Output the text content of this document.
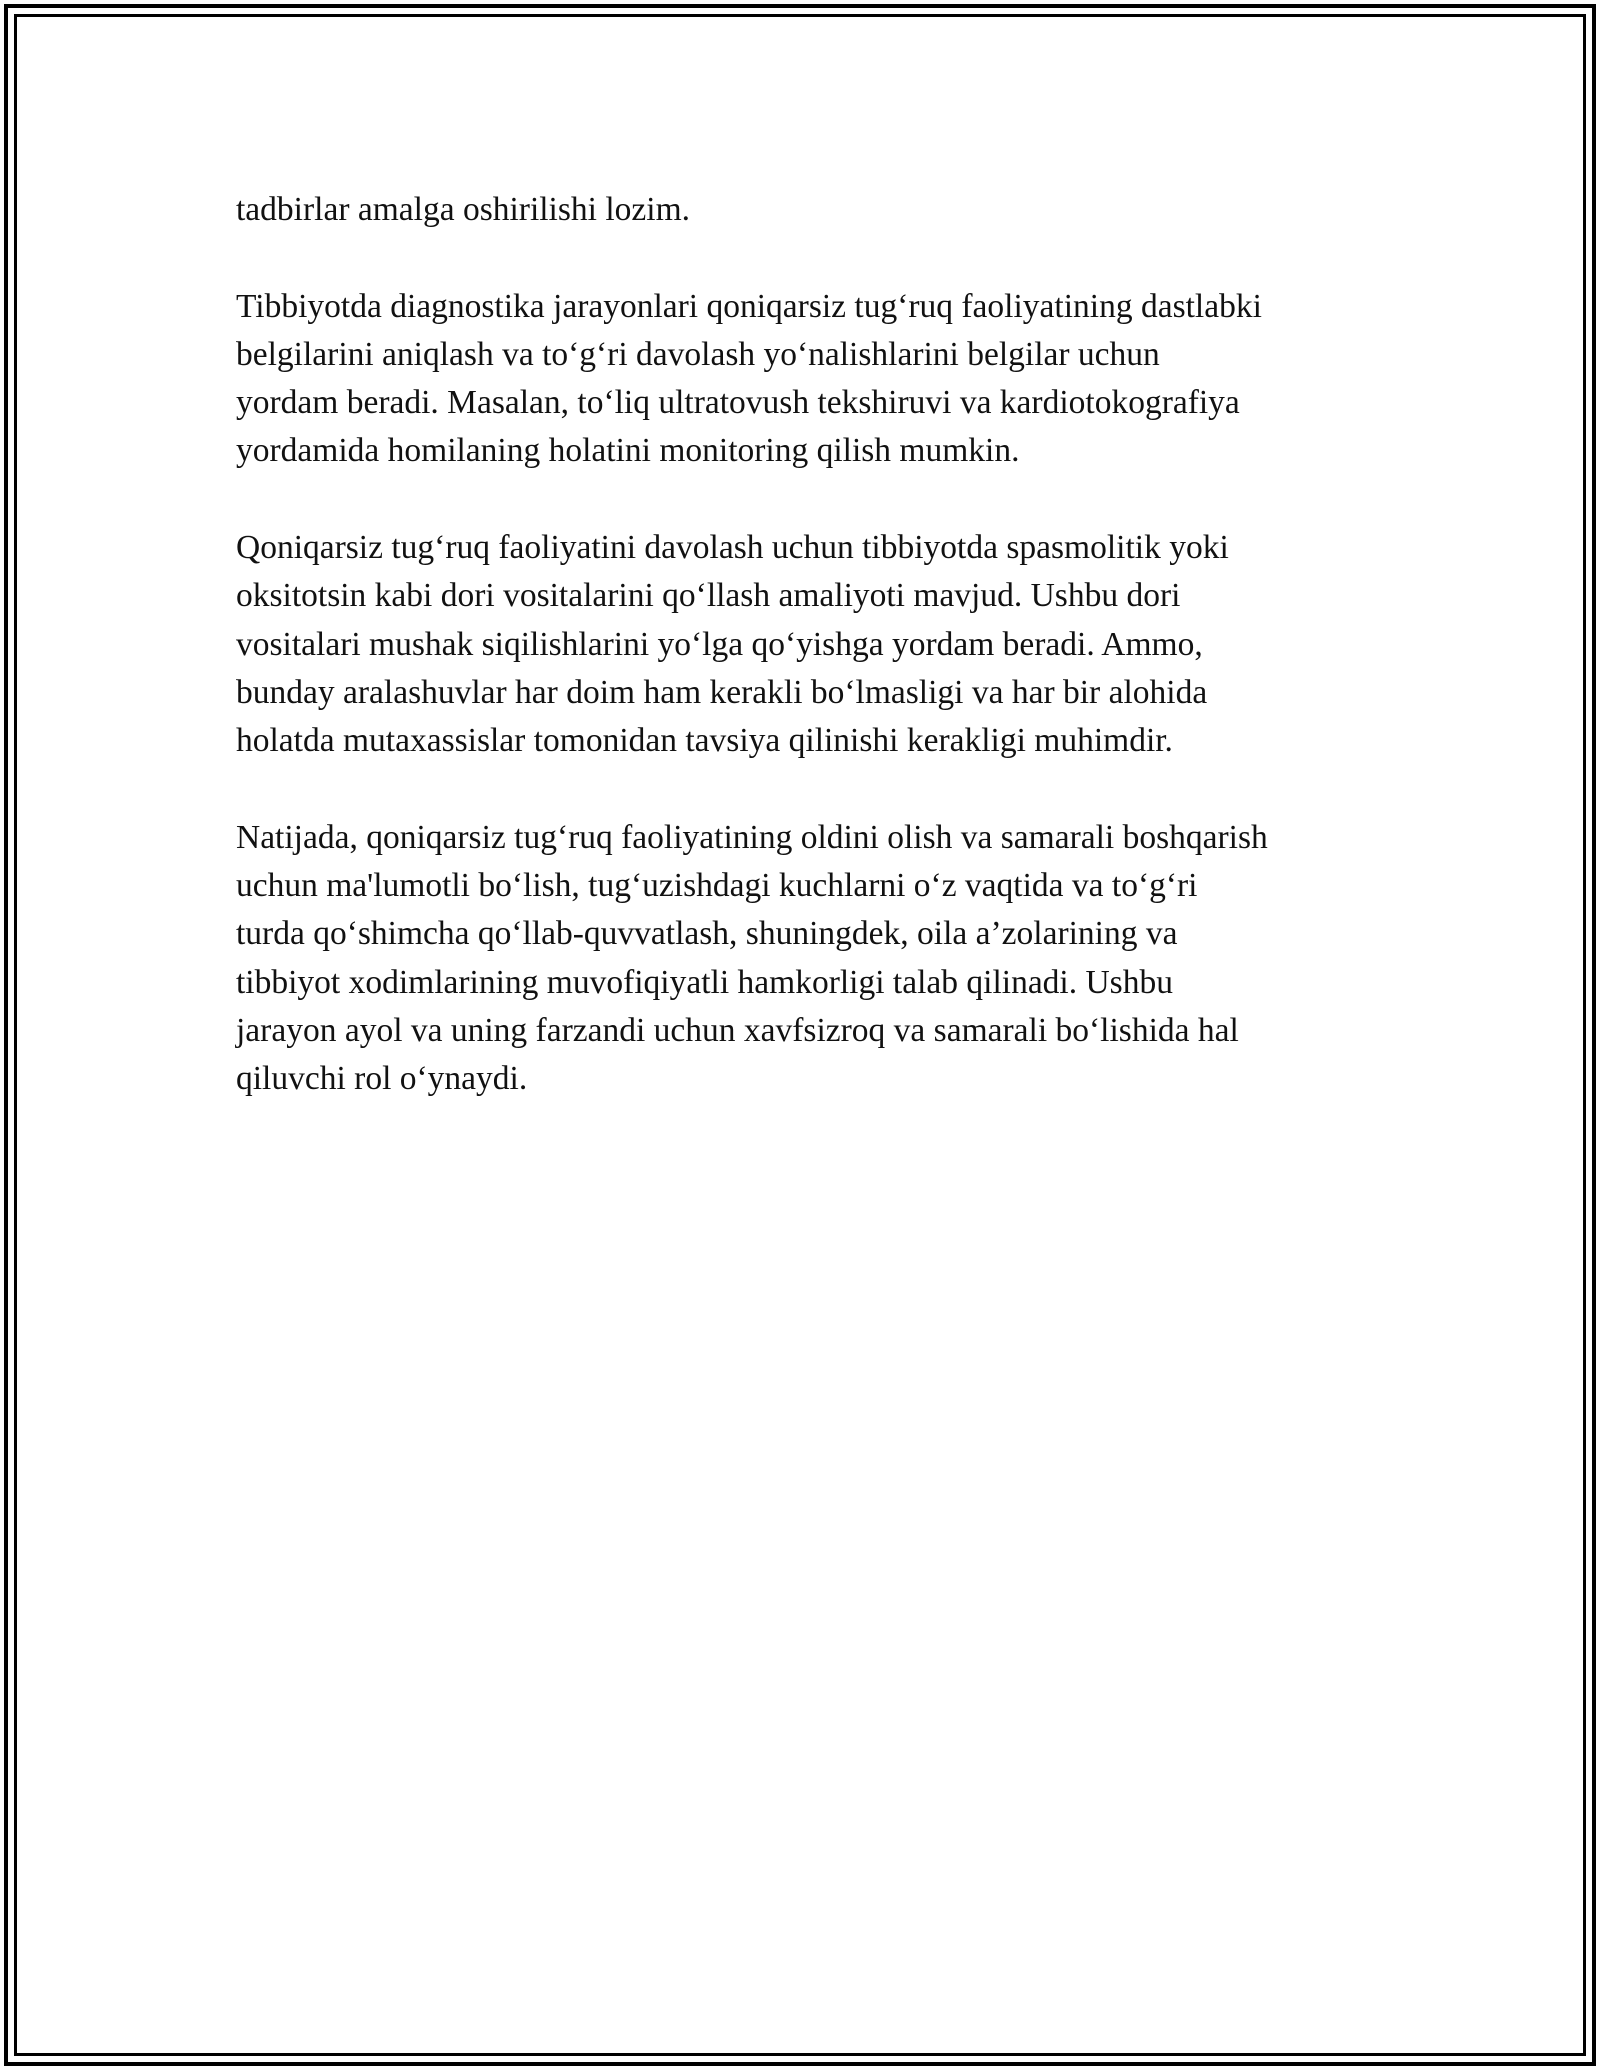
tadbirlar amalga oshirilishi lozim.

Tibbiyotda diagnostika jarayonlari qoniqarsiz tug‘ruq faoliyatining dastlabki
belgilarini aniqlash va to‘g‘ri davolash yo‘nalishlarini belgilar uchun
yordam beradi. Masalan, to‘liq ultratovush tekshiruvi va kardiotokografiya
yordamida homilaning holatini monitoring qilish mumkin.

Qoniqarsiz tug‘ruq faoliyatini davolash uchun tibbiyotda spasmolitik yoki
oksitotsin kabi dori vositalarini qo‘llash amaliyoti mavjud. Ushbu dori
vositalari mushak siqilishlarini yo‘lga qo‘yishga yordam beradi. Ammo,
bunday aralashuvlar har doim ham kerakli bo‘lmasligi va har bir alohida
holatda mutaxassislar tomonidan tavsiya qilinishi kerakligi muhimdir.

Natijada, qoniqarsiz tug‘ruq faoliyatining oldini olish va samarali boshqarish
uchun ma'lumotli bo‘lish, tug‘uzishdagi kuchlarni o‘z vaqtida va to‘g‘ri
turda qo‘shimcha qo‘llab-quvvatlash, shuningdek, oila a’zolarining va
tibbiyot xodimlarining muvofiqiyatli hamkorligi talab qilinadi. Ushbu
jarayon ayol va uning farzandi uchun xavfsizroq va samarali bo‘lishida hal
qiluvchi rol o‘ynaydi.
